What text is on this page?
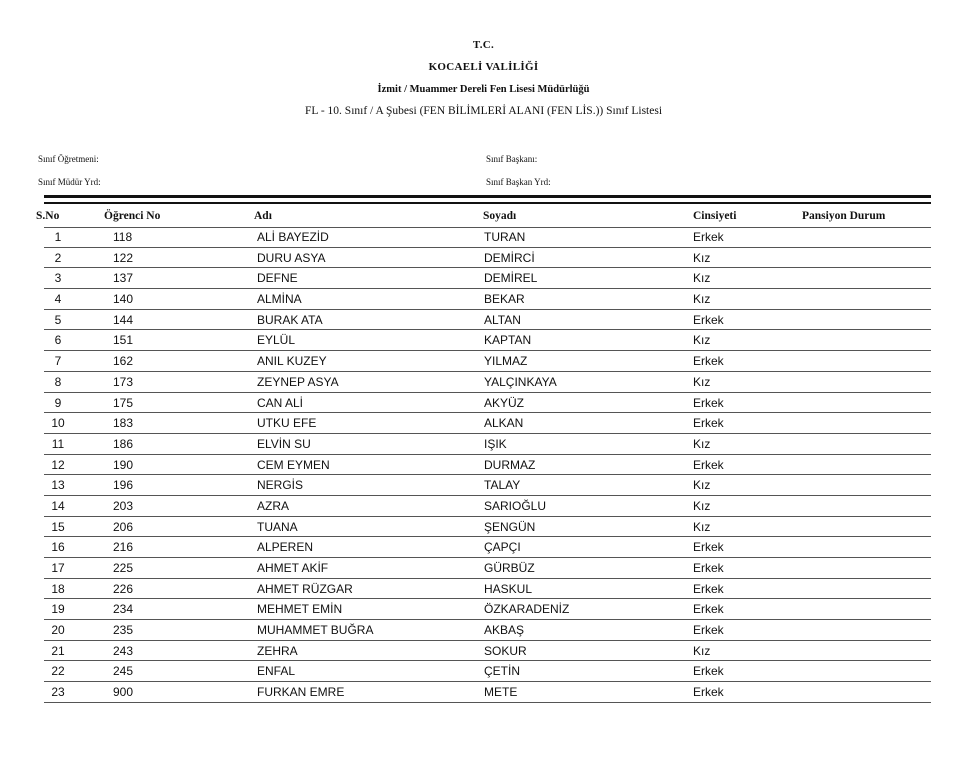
T.C.
KOCAELİ VALİLİĞİ
İzmit / Muammer Dereli Fen Lisesi Müdürlüğü
FL - 10. Sınıf / A Şubesi (FEN BİLİMLERİ ALANI (FEN LİS.)) Sınıf Listesi
Sınıf Öğretmeni:	Sınıf Başkanı:
Sınıf Müdür Yrd:	Sınıf Başkan Yrd:
S.No	Öğrenci No	Adı	Soyadı	Cinsiyeti	Pansiyon Durum
1	118	ALİ BAYEZİD	TURAN	Erkek
2	122	DURU ASYA	DEMİRCİ	Kız
3	137	DEFNE	DEMİREL	Kız
4	140	ALMİNA	BEKAR	Kız
5	144	BURAK ATA	ALTAN	Erkek
6	151	EYLÜL	KAPTAN	Kız
7	162	ANIL KUZEY	YILMAZ	Erkek
8	173	ZEYNEP ASYA	YALÇINKAYA	Kız
9	175	CAN ALİ	AKYÜZ	Erkek
10	183	UTKU EFE	ALKAN	Erkek
11	186	ELVİN SU	IŞIK	Kız
12	190	CEM EYMEN	DURMAZ	Erkek
13	196	NERGİS	TALAY	Kız
14	203	AZRA	SARIOĞLU	Kız
15	206	TUANA	ŞENGÜN	Kız
16	216	ALPEREN	ÇAPÇI	Erkek
17	225	AHMET AKİF	GÜRBÜZ	Erkek
18	226	AHMET RÜZGAR	HASKUL	Erkek
19	234	MEHMET EMİN	ÖZKARADENİZ	Erkek
20	235	MUHAMMET BUĞRA	AKBAŞ	Erkek
21	243	ZEHRA	SOKUR	Kız
22	245	ENFAL	ÇETİN	Erkek
23	900	FURKAN EMRE	METE	Erkek
